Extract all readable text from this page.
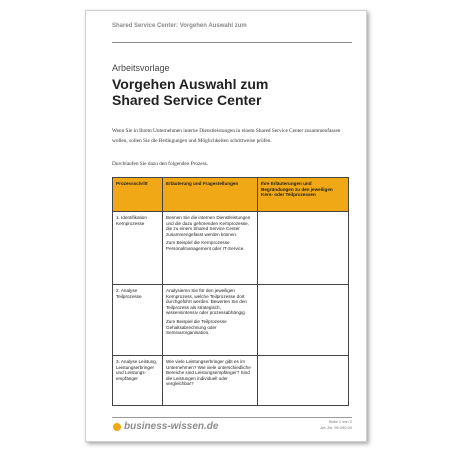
Shared Service Center: Vorgehen Auswahl zum
Arbeitsvorlage
Vorgehen Auswahl zum
Shared Service Center
Wenn Sie in Ihrem Unternehmen interne Dienstleistungen in einem Shared Service Center zusammenfassen wollen, sollen Sie die Bedingungen und Möglichkeiten schrittweise prüfen.
Durchlaufen Sie dazu den folgenden Prozess.
Prozessschritt	Erläuterung und Fragestellungen	Ihre Erläuterungen und Begründungen zu den jeweiligen Kern- oder Teilprozessen
1. Identifikation Kernprozesse	Bennen Sie die internen Dienstleistungen und die dazu gehörenden Kernprozesse, die zu einem Shared Service Center zusammengefasst werden können.

Zum Beispiel die Kernprozesse Personalmanagement oder IT-Service.	

2. Analyse Teilprozesse	Analysieren Sie für den jeweiligen Kernprozess, welche Teilprozesse dort durchgeführt werden. Bewerten Sie den Teilprozess als strategisch, wissensintensiv oder prozessabhängig.

Zum Beispiel die Teilprozesse Gehaltsabrechnung oder Seminarorganisation.	

3. Analyse Leistung, Leistungserbringer und Leistungs- empfänger	Wie viele Leistungserbringer gibt es im Unternehmen? Wie viele unterschiedliche Bereiche sind Leistungsempfänger? Sind die Leistungen individuell oder vergleichbar?	

business-wissen.de	Seite 1 von 2
Art.-Nr. 99.090.00
